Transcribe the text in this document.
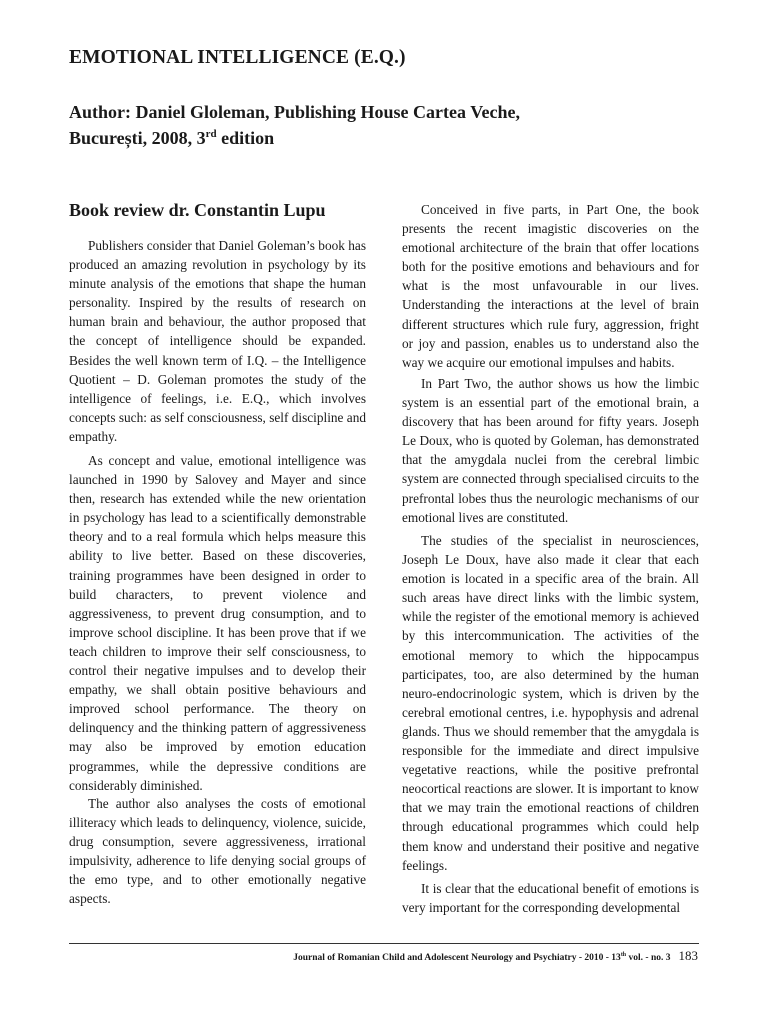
EMOTIONAL INTELLIGENCE (E.Q.)
Author: Daniel Gloleman, Publishing House Cartea Veche,
București, 2008, 3rd edition
Book review dr. Constantin Lupu

Publishers consider that Daniel Goleman’s book has produced an amazing revolution in psychology by its minute analysis of the emotions that shape the human personality. Inspired by the results of research on human brain and behaviour, the author proposed that the concept of intelligence should be expanded. Besides the well known term of I.Q. – the Intelligence Quotient – D. Goleman promotes the study of the intelligence of feelings, i.e. E.Q., which involves concepts such: as self consciousness, self discipline and empathy.

As concept and value, emotional intelligence was launched in 1990 by Salovey and Mayer and since then, research has extended while the new orientation in psychology has lead to a scientifically demonstrable theory and to a real formula which helps measure this ability to live better. Based on these discoveries, training programmes have been designed in order to build characters, to prevent violence and aggressiveness, to prevent drug consumption, and to improve school discipline. It has been prove that if we teach children to improve their self consciousness, to control their negative impulses and to develop their empathy, we shall obtain positive behaviours and improved school performance. The theory on delinquency and the thinking pattern of aggressiveness may also be improved by emotion education programmes, while the depressive conditions are considerably diminished.

The author also analyses the costs of emotional illiteracy which leads to delinquency, violence, suicide, drug consumption, severe aggressiveness, irrational impulsivity, adherence to life denying social groups of the emo type, and to other emotionally negative aspects.

Conceived in five parts, in Part One, the book presents the recent imagistic discoveries on the emotional architecture of the brain that offer locations both for the positive emotions and behaviours and for what is the most unfavourable in our lives. Understanding the interactions at the level of brain different structures which rule fury, aggression, fright or joy and passion, enables us to understand also the way we acquire our emotional impulses and habits.

In Part Two, the author shows us how the limbic system is an essential part of the emotional brain, a discovery that has been around for fifty years. Joseph Le Doux, who is quoted by Goleman, has demonstrated that the amygdala nuclei from the cerebral limbic system are connected through specialised circuits to the prefrontal lobes thus the neurologic mechanisms of our emotional lives are constituted.

The studies of the specialist in neurosciences, Joseph Le Doux, have also made it clear that each emotion is located in a specific area of the brain. All such areas have direct links with the limbic system, while the register of the emotional memory is achieved by this intercommunication. The activities of the emotional memory to which the hippocampus participates, too, are also determined by the human neuro-endocrinologic system, which is driven by the cerebral emotional centres, i.e. hypophysis and adrenal glands. Thus we should remember that the amygdala is responsible for the immediate and direct impulsive vegetative reactions, while the positive prefrontal neocortical reactions are slower. It is important to know that we may train the emotional reactions of children through educational programmes which could help them know and understand their positive and negative feelings.

It is clear that the educational benefit of emotions is very important for the corresponding developmental

Journal of Romanian Child and Adolescent Neurology and Psychiatry - 2010 - 13th vol. - no. 3 183
